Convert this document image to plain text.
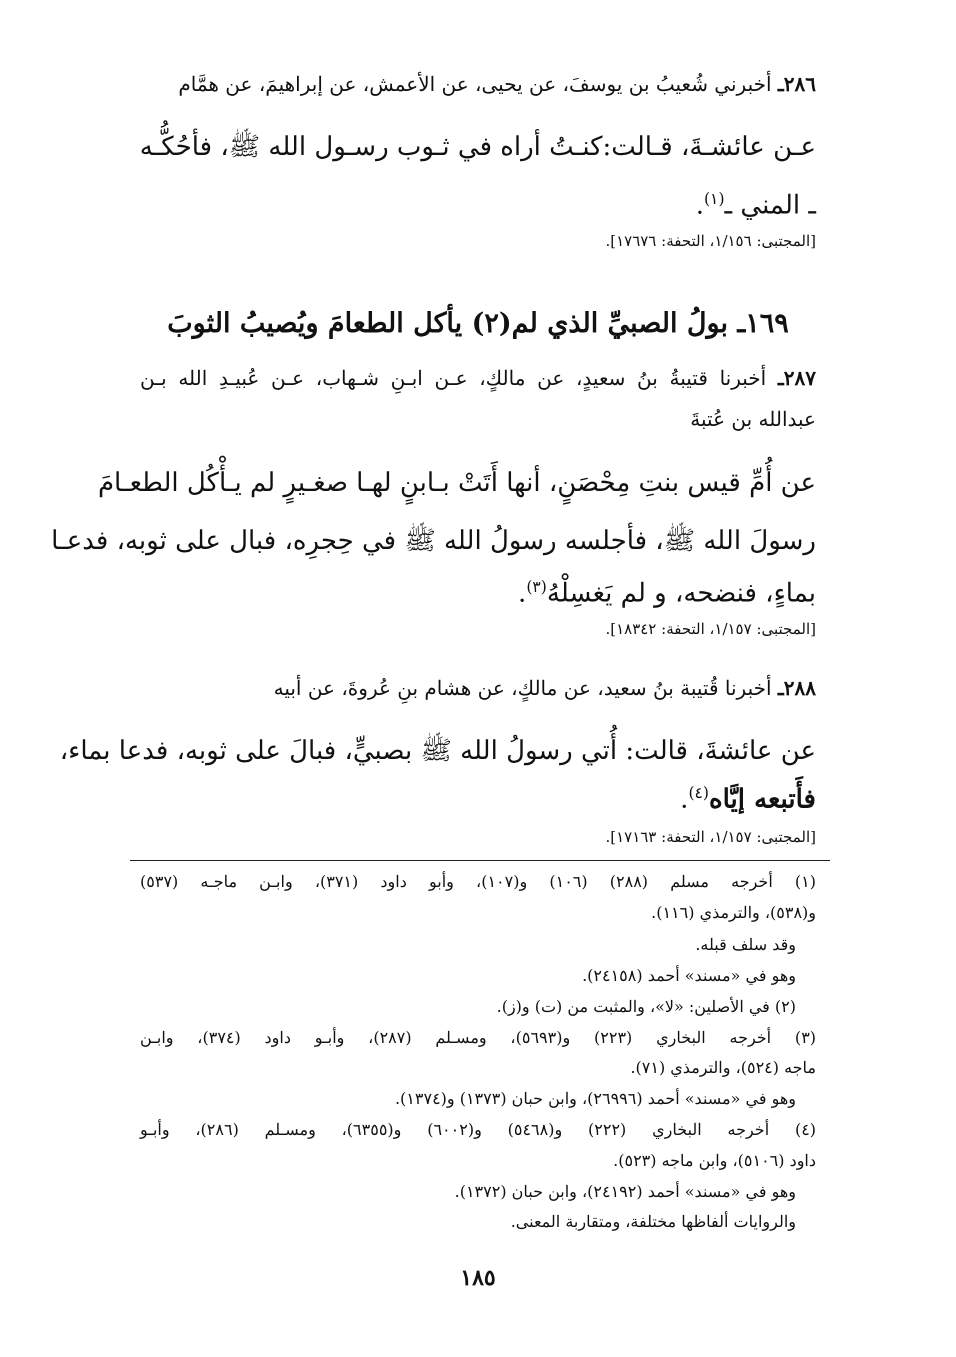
٢٨٦ـ أخبرني شُعيبُ بن يوسفَ، عن يحيى، عن الأعمش، عن إبراهيمَ، عن همَّام
عـن عائشـةَ، قـالت:كنـتُ أراه في ثـوب رسـول الله ﷺ، فأحُكُّـه
ـ المني ـ$^{(١)}$.
[المجتبى: ١/١٥٦، التحفة: ١٧٦٧٦].
١٦٩ـ بولُ الصبيِّ الذي لم(٢) يأكل الطعامَ ويُصيبُ الثوبَ
٢٨٧ـ أخبرنا قتيبةُ بنُ سعيدٍ، عن مالكٍ، عـن ابـنِ شـهاب، عـن عُبيـدِ الله بـن
عبدالله بن عُتبةَ
عن أُمِّ قيس بنتِ مِحْصَنٍ، أنها أَتَتْ بـابنٍ لهـا صغـيرٍ لم يـأْكُل الطعـامَ
رسولَ الله ﷺ، فأجلسه رسولُ الله ﷺ في حِجرِه، فبال على ثوبه، فدعـا
بماءٍ، فنضحه، و لم يَغسِلْهُ$^{(٣)}$.
[المجتبى: ١/١٥٧، التحفة: ١٨٣٤٢].
٢٨٨ـ أخبرنا قُتيبة بنُ سعيد، عن مالكٍ، عن هشام بنِ عُروةَ، عن أبيه
عن عائشةَ، قالت: أُتي رسولُ الله ﷺ بصبيٍّ، فبالَ على ثوبه، فدعا بماء،
فأَتبعه إيَّاه$^{(٤)}$.
[المجتبى: ١/١٥٧، التحفة: ١٧١٦٣].
(١) أخرجه مسلم (٢٨٨) (١٠٦) و(١٠٧)، وأبو داود (٣٧١)، وابـن ماجـه (٥٣٧)
و(٥٣٨)، والترمذي (١١٦).
وقد سلف قبله.
وهو في «مسند» أحمد (٢٤١٥٨).
(٢) في الأصلين: «لا»، والمثبت من (ت) و(ز).
(٣) أخرجه البخاري (٢٢٣) و(٥٦٩٣)، ومسـلم (٢٨٧)، وأبـو داود (٣٧٤)، وابـن
ماجه (٥٢٤)، والترمذي (٧١).
وهو في «مسند» أحمد (٢٦٩٩٦)، وابن حبان (١٣٧٣) و(١٣٧٤).
(٤) أخرجه البخاري (٢٢٢) و(٥٤٦٨) و(٦٠٠٢) و(٦٣٥٥)، ومسـلم (٢٨٦)، وأبـو
داود (٥١٠٦)، وابن ماجه (٥٢٣).
وهو في «مسند» أحمد (٢٤١٩٢)، وابن حبان (١٣٧٢).
والروايات ألفاظها مختلفة، ومتقاربة المعنى.
١٨٥
